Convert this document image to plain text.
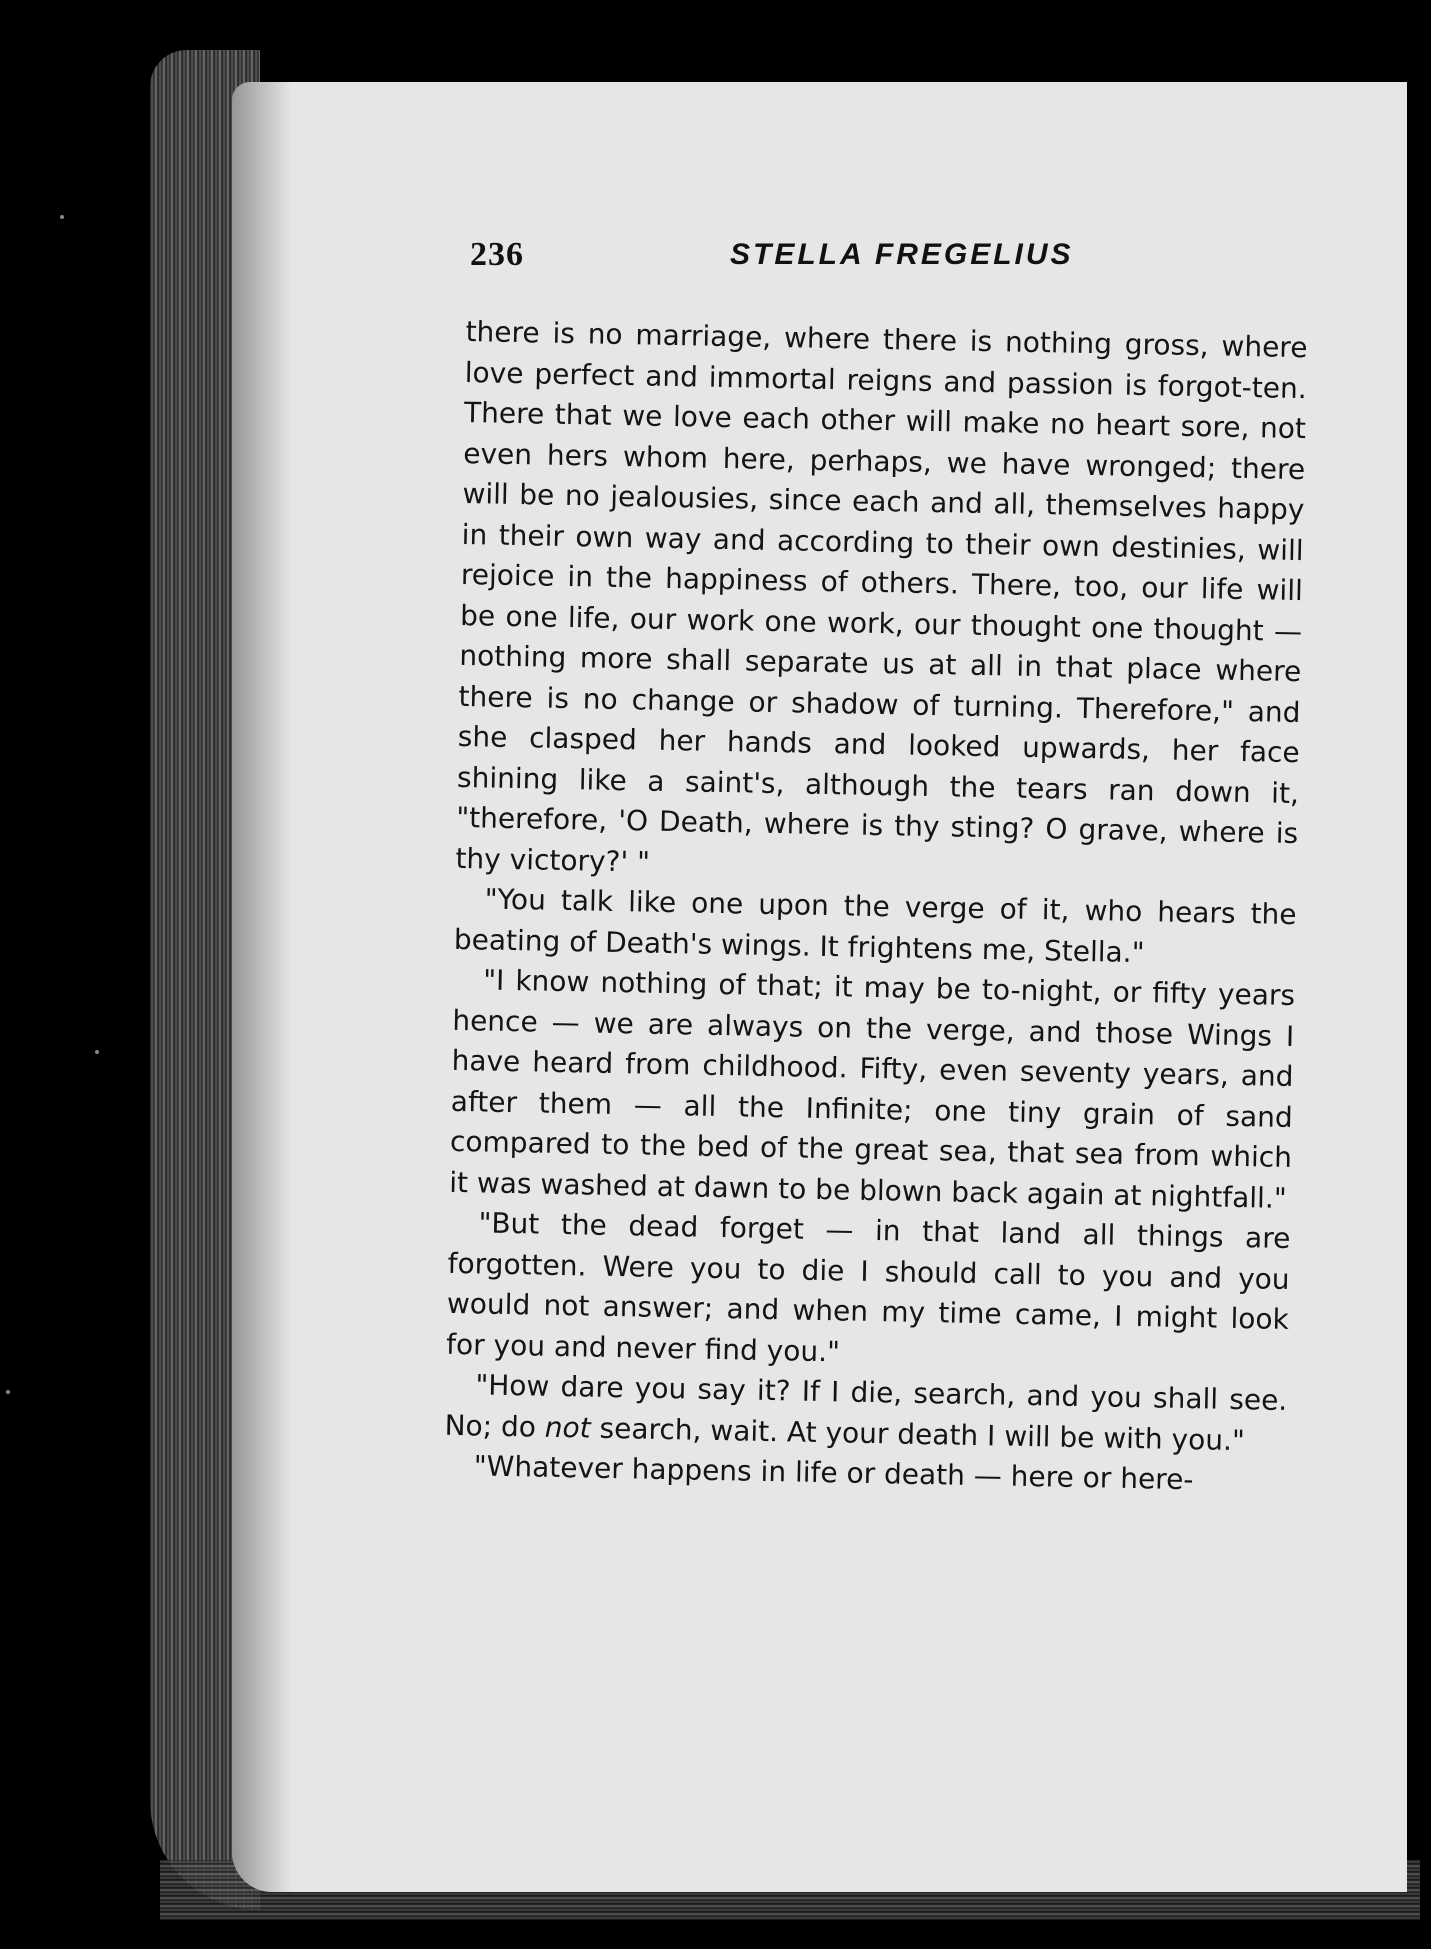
236	STELLA FREGELIUS

there is no marriage, where there is nothing gross, where love perfect and immortal reigns and passion is forgot-ten. There that we love each other will make no heart sore, not even hers whom here, perhaps, we have wronged; there will be no jealousies, since each and all, themselves happy in their own way and according to their own destinies, will rejoice in the happiness of others. There, too, our life will be one life, our work one work, our thought one thought — nothing more shall separate us at all in that place where there is no change or shadow of turning. Therefore," and she clasped her hands and looked upwards, her face shining like a saint's, although the tears ran down it, "therefore, 'O Death, where is thy sting? O grave, where is thy victory?' "

"You talk like one upon the verge of it, who hears the beating of Death's wings. It frightens me, Stella."

"I know nothing of that; it may be to-night, or fifty years hence — we are always on the verge, and those Wings I have heard from childhood. Fifty, even seventy years, and after them — all the Infinite; one tiny grain of sand compared to the bed of the great sea, that sea from which it was washed at dawn to be blown back again at nightfall."

"But the dead forget — in that land all things are forgotten. Were you to die I should call to you and you would not answer; and when my time came, I might look for you and never find you."

"How dare you say it? If I die, search, and you shall see. No; do not search, wait. At your death I will be with you."

"Whatever happens in life or death — here or here-
